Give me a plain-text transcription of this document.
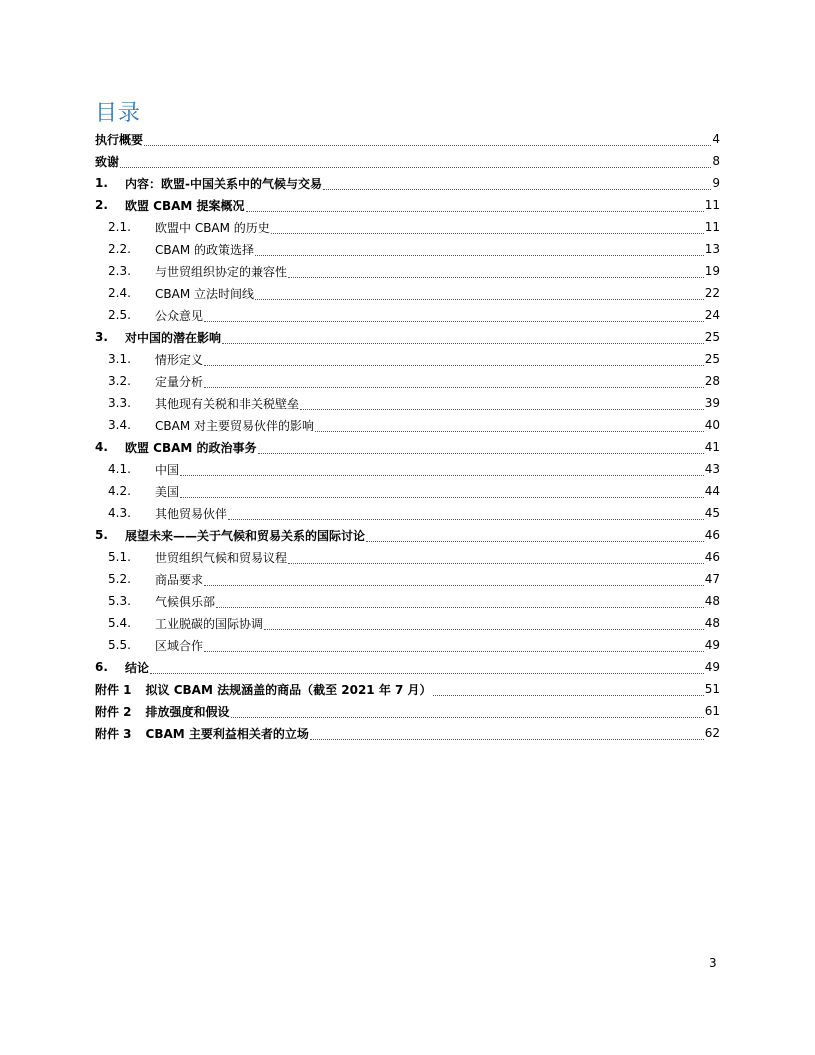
目录
执行概要	4
致谢	8
1.	内容：欧盟-中国关系中的气候与交易	9
2.	欧盟 CBAM 提案概况	11
2.1.	欧盟中 CBAM 的历史	11
2.2.	CBAM 的政策选择	13
2.3.	与世贸组织协定的兼容性	19
2.4.	CBAM 立法时间线	22
2.5.	公众意见	24
3.	对中国的潜在影响	25
3.1.	情形定义	25
3.2.	定量分析	28
3.3.	其他现有关税和非关税壁垒	39
3.4.	CBAM 对主要贸易伙伴的影响	40
4.	欧盟 CBAM 的政治事务	41
4.1.	中国	43
4.2.	美国	44
4.3.	其他贸易伙伴	45
5.	展望未来——关于气候和贸易关系的国际讨论	46
5.1.	世贸组织气候和贸易议程	46
5.2.	商品要求	47
5.3.	气候俱乐部	48
5.4.	工业脱碳的国际协调	48
5.5.	区域合作	49
6.	结论	49
附件 1 拟议 CBAM 法规涵盖的商品（截至 2021 年 7 月）	51
附件 2 排放强度和假设	61
附件 3 CBAM 主要利益相关者的立场	62
3
